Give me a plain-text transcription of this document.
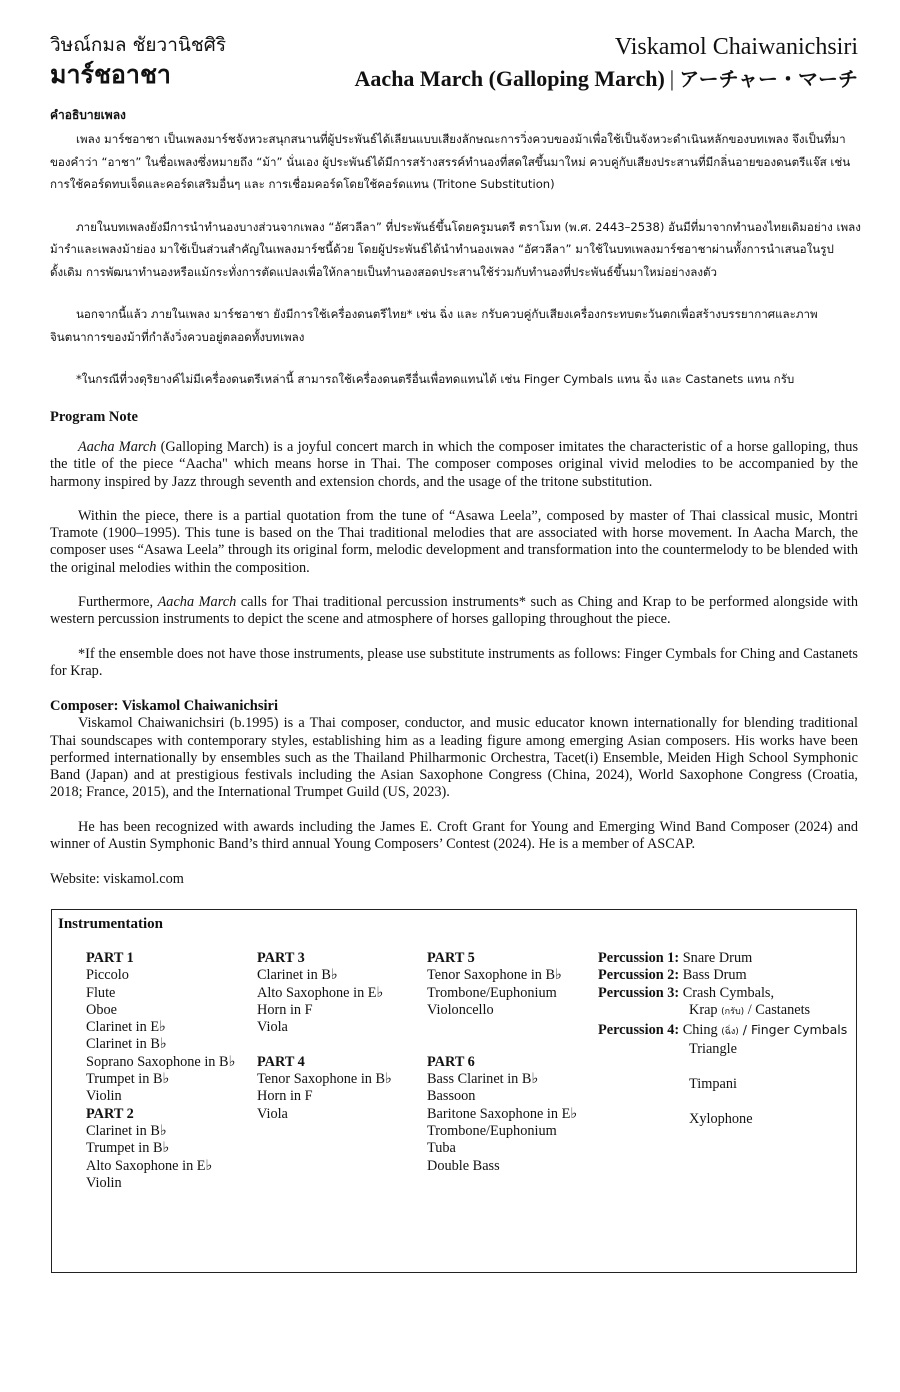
วิษณ์กมล ชัยวานิชศิริ
มาร์ชอาชา
Viskamol Chaiwanichsiri
Aacha March (Galloping March) | アーチャー・マーチ
คำอธิบายเพลง

เพลง มาร์ชอาชา เป็นเพลงมาร์ชจังหวะสนุกสนานที่ผู้ประพันธ์ได้เลียนแบบเสียงลักษณะการวิ่งควบของม้าเพื่อใช้เป็นจังหวะดำเนินหลักของบทเพลง จึงเป็นที่มาของคำว่า “อาชา” ในชื่อเพลงซึ่งหมายถึง “ม้า” นั่นเอง ผู้ประพันธ์ได้มีการสร้างสรรค์ทำนองที่สดใสขึ้นมาใหม่ ควบคู่กับเสียงประสานที่มีกลิ่นอายของดนตรีแจ๊ส เช่น การใช้คอร์ดทบเจ็ดและคอร์ดเสริมอื่นๆ และ การเชื่อมคอร์ดโดยใช้คอร์ดแทน (Tritone Substitution)

ภายในบทเพลงยังมีการนำทำนองบางส่วนจากเพลง “อัศวลีลา” ที่ประพันธ์ขึ้นโดยครูมนตรี ตราโมท (พ.ศ. 2443–2538) อันมีที่มาจากทำนองไทยเดิมอย่าง เพลงม้ารำและเพลงม้าย่อง มาใช้เป็นส่วนสำคัญในเพลงมาร์ชนี้ด้วย โดยผู้ประพันธ์ได้นำทำนองเพลง “อัศวลีลา” มาใช้ในบทเพลงมาร์ชอาชาผ่านทั้งการนำเสนอในรูปดั้งเดิม การพัฒนาทำนองหรือแม้กระทั่งการตัดแปลงเพื่อให้กลายเป็นทำนองสอดประสานใช้ร่วมกับทำนองที่ประพันธ์ขึ้นมาใหม่อย่างลงตัว

นอกจากนี้แล้ว ภายในเพลง มาร์ชอาชา ยังมีการใช้เครื่องดนตรีไทย* เช่น ฉิ่ง และ กรับควบคู่กับเสียงเครื่องกระทบตะวันตกเพื่อสร้างบรรยากาศและภาพจินตนาการของม้าที่กำลังวิ่งควบอยู่ตลอดทั้งบทเพลง

*ในกรณีที่วงดุริยางค์ไม่มีเครื่องดนตรีเหล่านี้ สามารถใช้เครื่องดนตรีอื่นเพื่อทดแทนได้ เช่น Finger Cymbals แทน ฉิ่ง และ Castanets แทน กรับ

Program Note

Aacha March (Galloping March) is a joyful concert march in which the composer imitates the characteristic of a horse galloping, thus the title of the piece “Aacha" which means horse in Thai. The composer composes original vivid melodies to be accompanied by the harmony inspired by Jazz through seventh and extension chords, and the usage of the tritone substitution.

Within the piece, there is a partial quotation from the tune of “Asawa Leela”, composed by master of Thai classical music, Montri Tramote (1900–1995). This tune is based on the Thai traditional melodies that are associated with horse movement. In Aacha March, the composer uses “Asawa Leela” through its original form, melodic development and transformation into the countermelody to be blended with the original melodies within the composition.

Furthermore, Aacha March calls for Thai traditional percussion instruments* such as Ching and Krap to be performed alongside with western percussion instruments to depict the scene and atmosphere of horses galloping throughout the piece.

*If the ensemble does not have those instruments, please use substitute instruments as follows: Finger Cymbals for Ching and Castanets for Krap.

Composer: Viskamol Chaiwanichsiri

Viskamol Chaiwanichsiri (b.1995) is a Thai composer, conductor, and music educator known internationally for blending traditional Thai soundscapes with contemporary styles, establishing him as a leading figure among emerging Asian composers. His works have been performed internationally by ensembles such as the Thailand Philharmonic Orchestra, Tacet(i) Ensemble, Meiden High School Symphonic Band (Japan) and at prestigious festivals including the Asian Saxophone Congress (China, 2024), World Saxophone Congress (Croatia, 2018; France, 2015), and the International Trumpet Guild (US, 2023).

He has been recognized with awards including the James E. Croft Grant for Young and Emerging Wind Band Composer (2024) and winner of Austin Symphonic Band’s third annual Young Composers’ Contest (2024). He is a member of ASCAP.

Website: viskamol.com

Instrumentation
PART 1
Piccolo
Flute
Oboe
Clarinet in E♭
Clarinet in B♭
Soprano Saxophone in B♭
Trumpet in B♭
Violin
PART 2
Clarinet in B♭
Trumpet in B♭
Alto Saxophone in E♭
Violin
PART 3
Clarinet in B♭
Alto Saxophone in E♭
Horn in F
Viola
PART 4
Tenor Saxophone in B♭
Horn in F
Viola
PART 5
Tenor Saxophone in B♭
Trombone/Euphonium
Violoncello
PART 6
Bass Clarinet in B♭
Bassoon
Baritone Saxophone in E♭
Trombone/Euphonium
Tuba
Double Bass
Percussion 1: Snare Drum
Percussion 2: Bass Drum
Percussion 3: Crash Cymbals,
Krap (กรับ) / Castanets
Percussion 4: Ching (ฉิ่ง) / Finger Cymbals
Triangle
Timpani
Xylophone
